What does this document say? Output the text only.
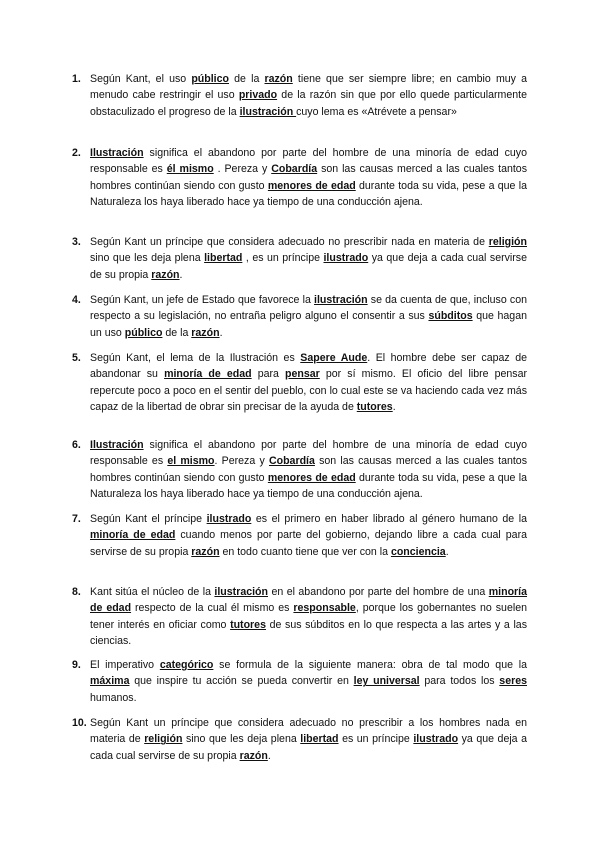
1. Según Kant, el uso público de la razón tiene que ser siempre libre; en cambio muy a menudo cabe restringir el uso privado de la razón sin que por ello quede particularmente obstaculizado el progreso de la ilustración cuyo lema es «Atrévete a pensar»
2. Ilustración significa el abandono por parte del hombre de una minoría de edad cuyo responsable es él mismo . Pereza y Cobardía son las causas merced a las cuales tantos hombres continúan siendo con gusto menores de edad durante toda su vida, pese a que la Naturaleza los haya liberado hace ya tiempo de una conducción ajena.
3. Según Kant un príncipe que considera adecuado no prescribir nada en materia de religión sino que les deja plena libertad , es un príncipe ilustrado ya que deja a cada cual servirse de su propia razón.
4. Según Kant, un jefe de Estado que favorece la ilustración se da cuenta de que, incluso con respecto a su legislación, no entraña peligro alguno el consentir a sus súbditos que hagan un uso público de la razón.
5. Según Kant, el lema de la Ilustración es Sapere Aude. El hombre debe ser capaz de abandonar su minoría de edad para pensar por sí mismo. El oficio del libre pensar repercute poco a poco en el sentir del pueblo, con lo cual este se va haciendo cada vez más capaz de la libertad de obrar sin precisar de la ayuda de tutores.
6. Ilustración significa el abandono por parte del hombre de una minoría de edad cuyo responsable es el mismo. Pereza y Cobardía son las causas merced a las cuales tantos hombres continúan siendo con gusto menores de edad durante toda su vida, pese a que la Naturaleza los haya liberado hace ya tiempo de una conducción ajena.
7. Según Kant el príncipe ilustrado es el primero en haber librado al género humano de la minoría de edad cuando menos por parte del gobierno, dejando libre a cada cual para servirse de su propia razón en todo cuanto tiene que ver con la conciencia.
8. Kant sitúa el núcleo de la ilustración en el abandono por parte del hombre de una minoría de edad respecto de la cual él mismo es responsable, porque los gobernantes no suelen tener interés en oficiar como tutores de sus súbditos en lo que respecta a las artes y a las ciencias.
9. El imperativo categórico se formula de la siguiente manera: obra de tal modo que la máxima que inspire tu acción se pueda convertir en ley universal para todos los seres humanos.
10. Según Kant un príncipe que considera adecuado no prescribir a los hombres nada en materia de religión sino que les deja plena libertad es un príncipe ilustrado ya que deja a cada cual servirse de su propia razón.
